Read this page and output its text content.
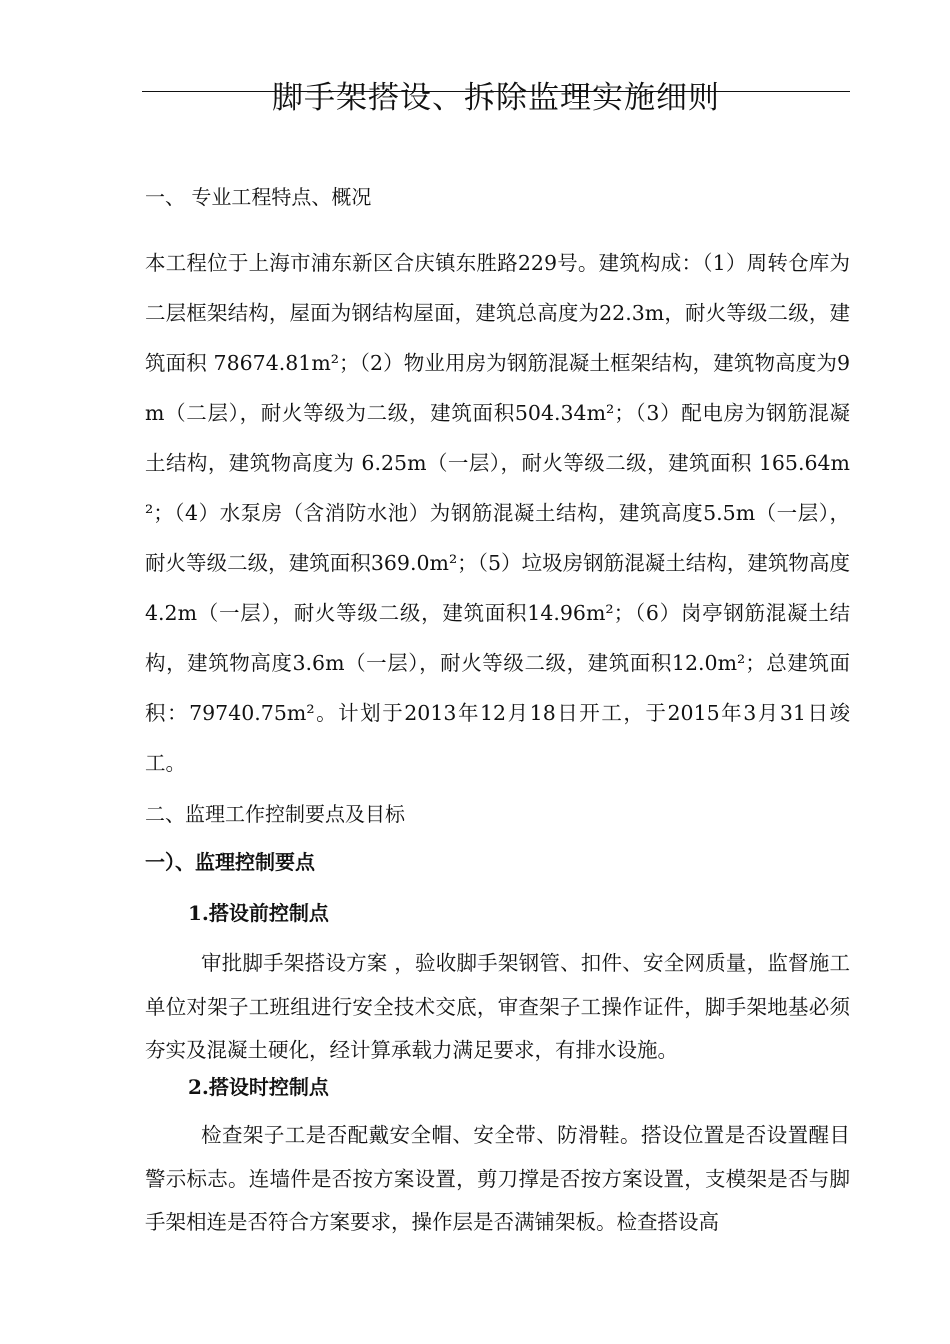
脚手架搭设、拆除监理实施细则
一、 专业工程特点、概况

本工程位于上海市浦东新区合庆镇东胜路229号。建筑构成：（1）周转仓库为二层框架结构，屋面为钢结构屋面，建筑总高度为22.3m，耐火等级二级，建筑面积 78674.81m²；（2）物业用房为钢筋混凝土框架结构，建筑物高度为9m（二层），耐火等级为二级，建筑面积504.34m²；（3）配电房为钢筋混凝土结构，建筑物高度为 6.25m（一层），耐火等级二级，建筑面积 165.64m²；（4）水泵房（含消防水池）为钢筋混凝土结构，建筑高度5.5m（一层），耐火等级二级，建筑面积369.0m²；（5）垃圾房钢筋混凝土结构，建筑物高度4.2m（一层），耐火等级二级，建筑面积14.96m²；（6）岗亭钢筋混凝土结构，建筑物高度3.6m（一层），耐火等级二级，建筑面积12.0m²；总建筑面积：79740.75m²。计划于2013年12月18日开工，于2015年3月31日竣工。

二、监理工作控制要点及目标
一）、监理控制要点
1.搭设前控制点

审批脚手架搭设方案 ，验收脚手架钢管、扣件、安全网质量，监督施工单位对架子工班组进行安全技术交底，审查架子工操作证件，脚手架地基必须夯实及混凝土硬化，经计算承载力满足要求，有排水设施。

2.搭设时控制点

检查架子工是否配戴安全帽、安全带、防滑鞋。搭设位置是否设置醒目警示标志。连墙件是否按方案设置，剪刀撑是否按方案设置，支模架是否与脚手架相连是否符合方案要求，操作层是否满铺架板。检查搭设高
